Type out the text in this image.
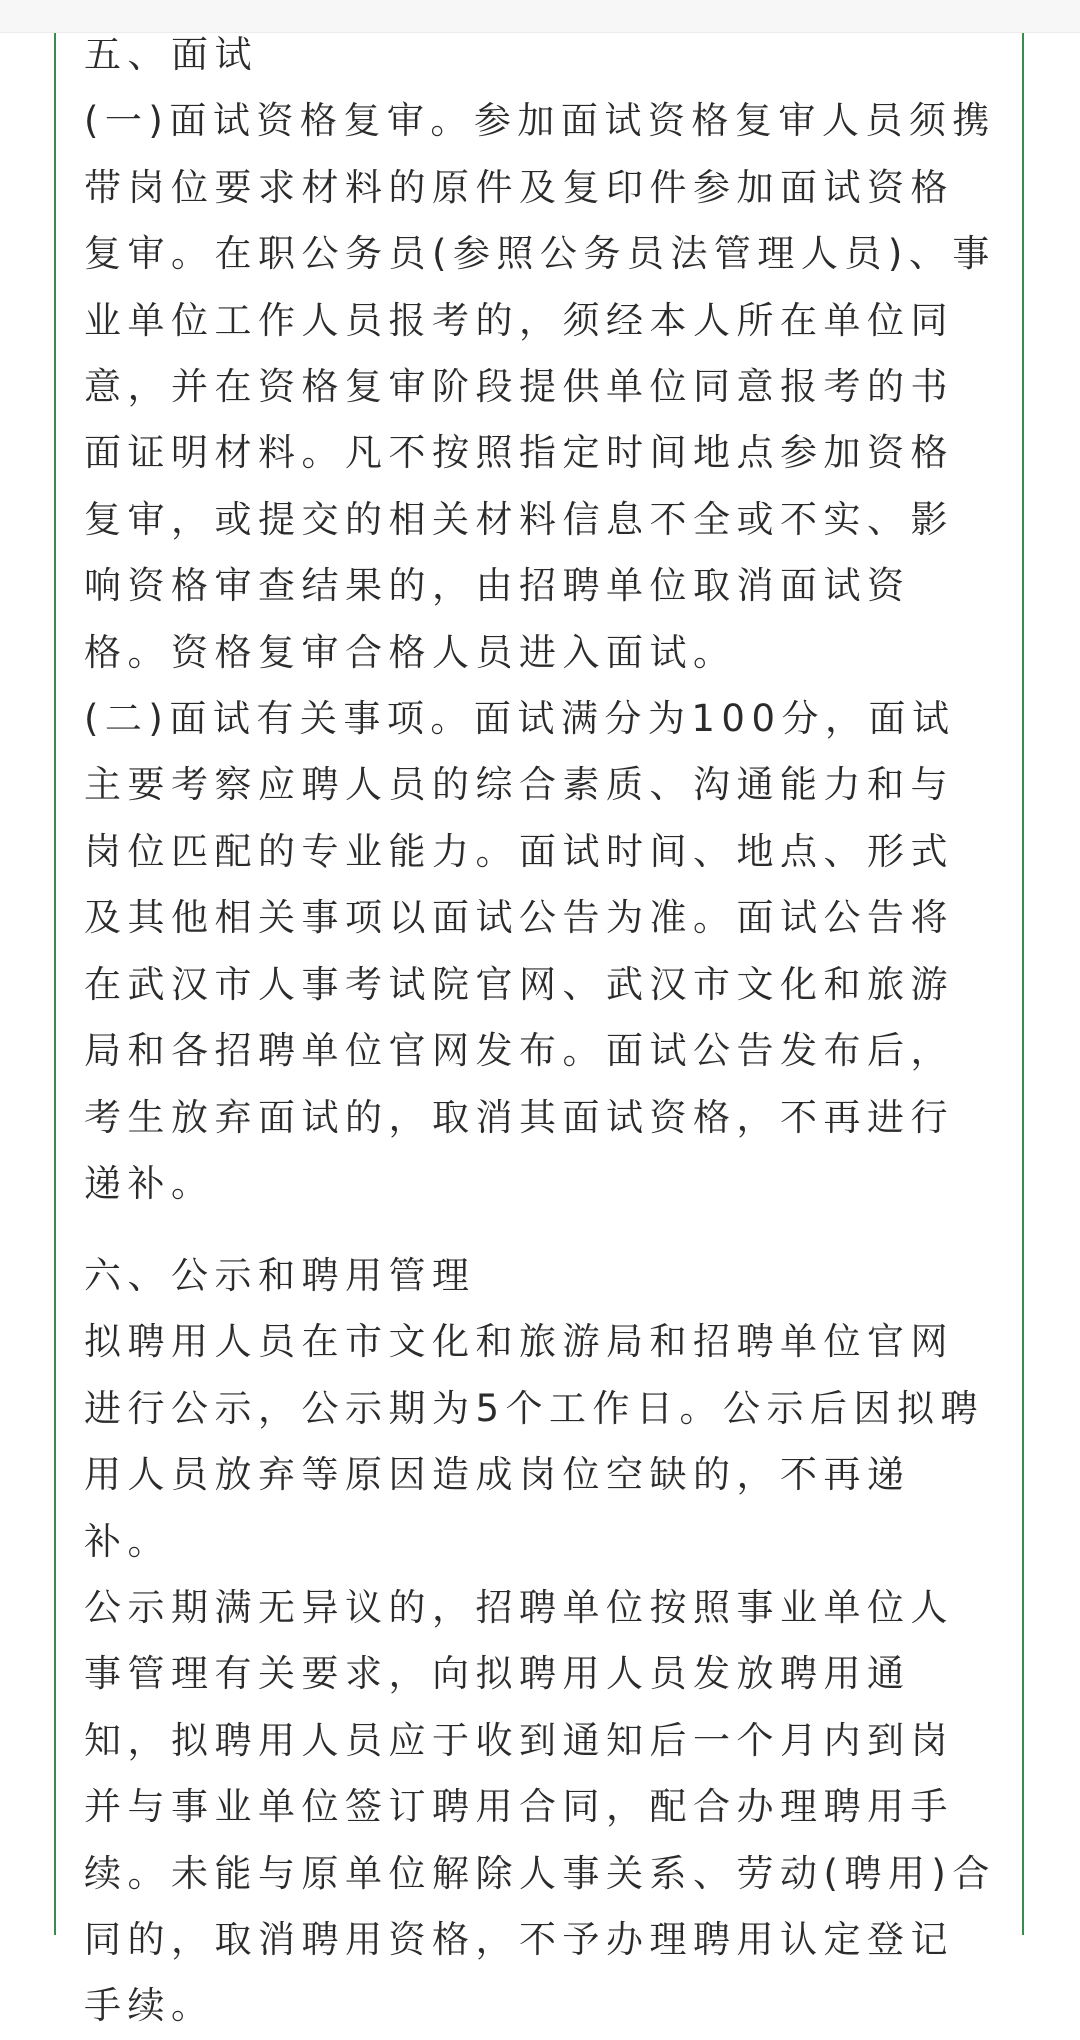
五、面试
(一)面试资格复审。参加面试资格复审人员须携带岗位要求材料的原件及复印件参加面试资格复审。在职公务员(参照公务员法管理人员)、事业单位工作人员报考的，须经本人所在单位同意，并在资格复审阶段提供单位同意报考的书面证明材料。凡不按照指定时间地点参加资格复审，或提交的相关材料信息不全或不实、影响资格审查结果的，由招聘单位取消面试资格。资格复审合格人员进入面试。
(二)面试有关事项。面试满分为100分，面试主要考察应聘人员的综合素质、沟通能力和与岗位匹配的专业能力。面试时间、地点、形式及其他相关事项以面试公告为准。面试公告将在武汉市人事考试院官网、武汉市文化和旅游局和各招聘单位官网发布。面试公告发布后，考生放弃面试的，取消其面试资格，不再进行递补。
六、公示和聘用管理
拟聘用人员在市文化和旅游局和招聘单位官网进行公示，公示期为5个工作日。公示后因拟聘用人员放弃等原因造成岗位空缺的，不再递补。
公示期满无异议的，招聘单位按照事业单位人事管理有关要求，向拟聘用人员发放聘用通知，拟聘用人员应于收到通知后一个月内到岗并与事业单位签订聘用合同，配合办理聘用手续。未能与原单位解除人事关系、劳动(聘用)合同的，取消聘用资格，不予办理聘用认定登记手续。
